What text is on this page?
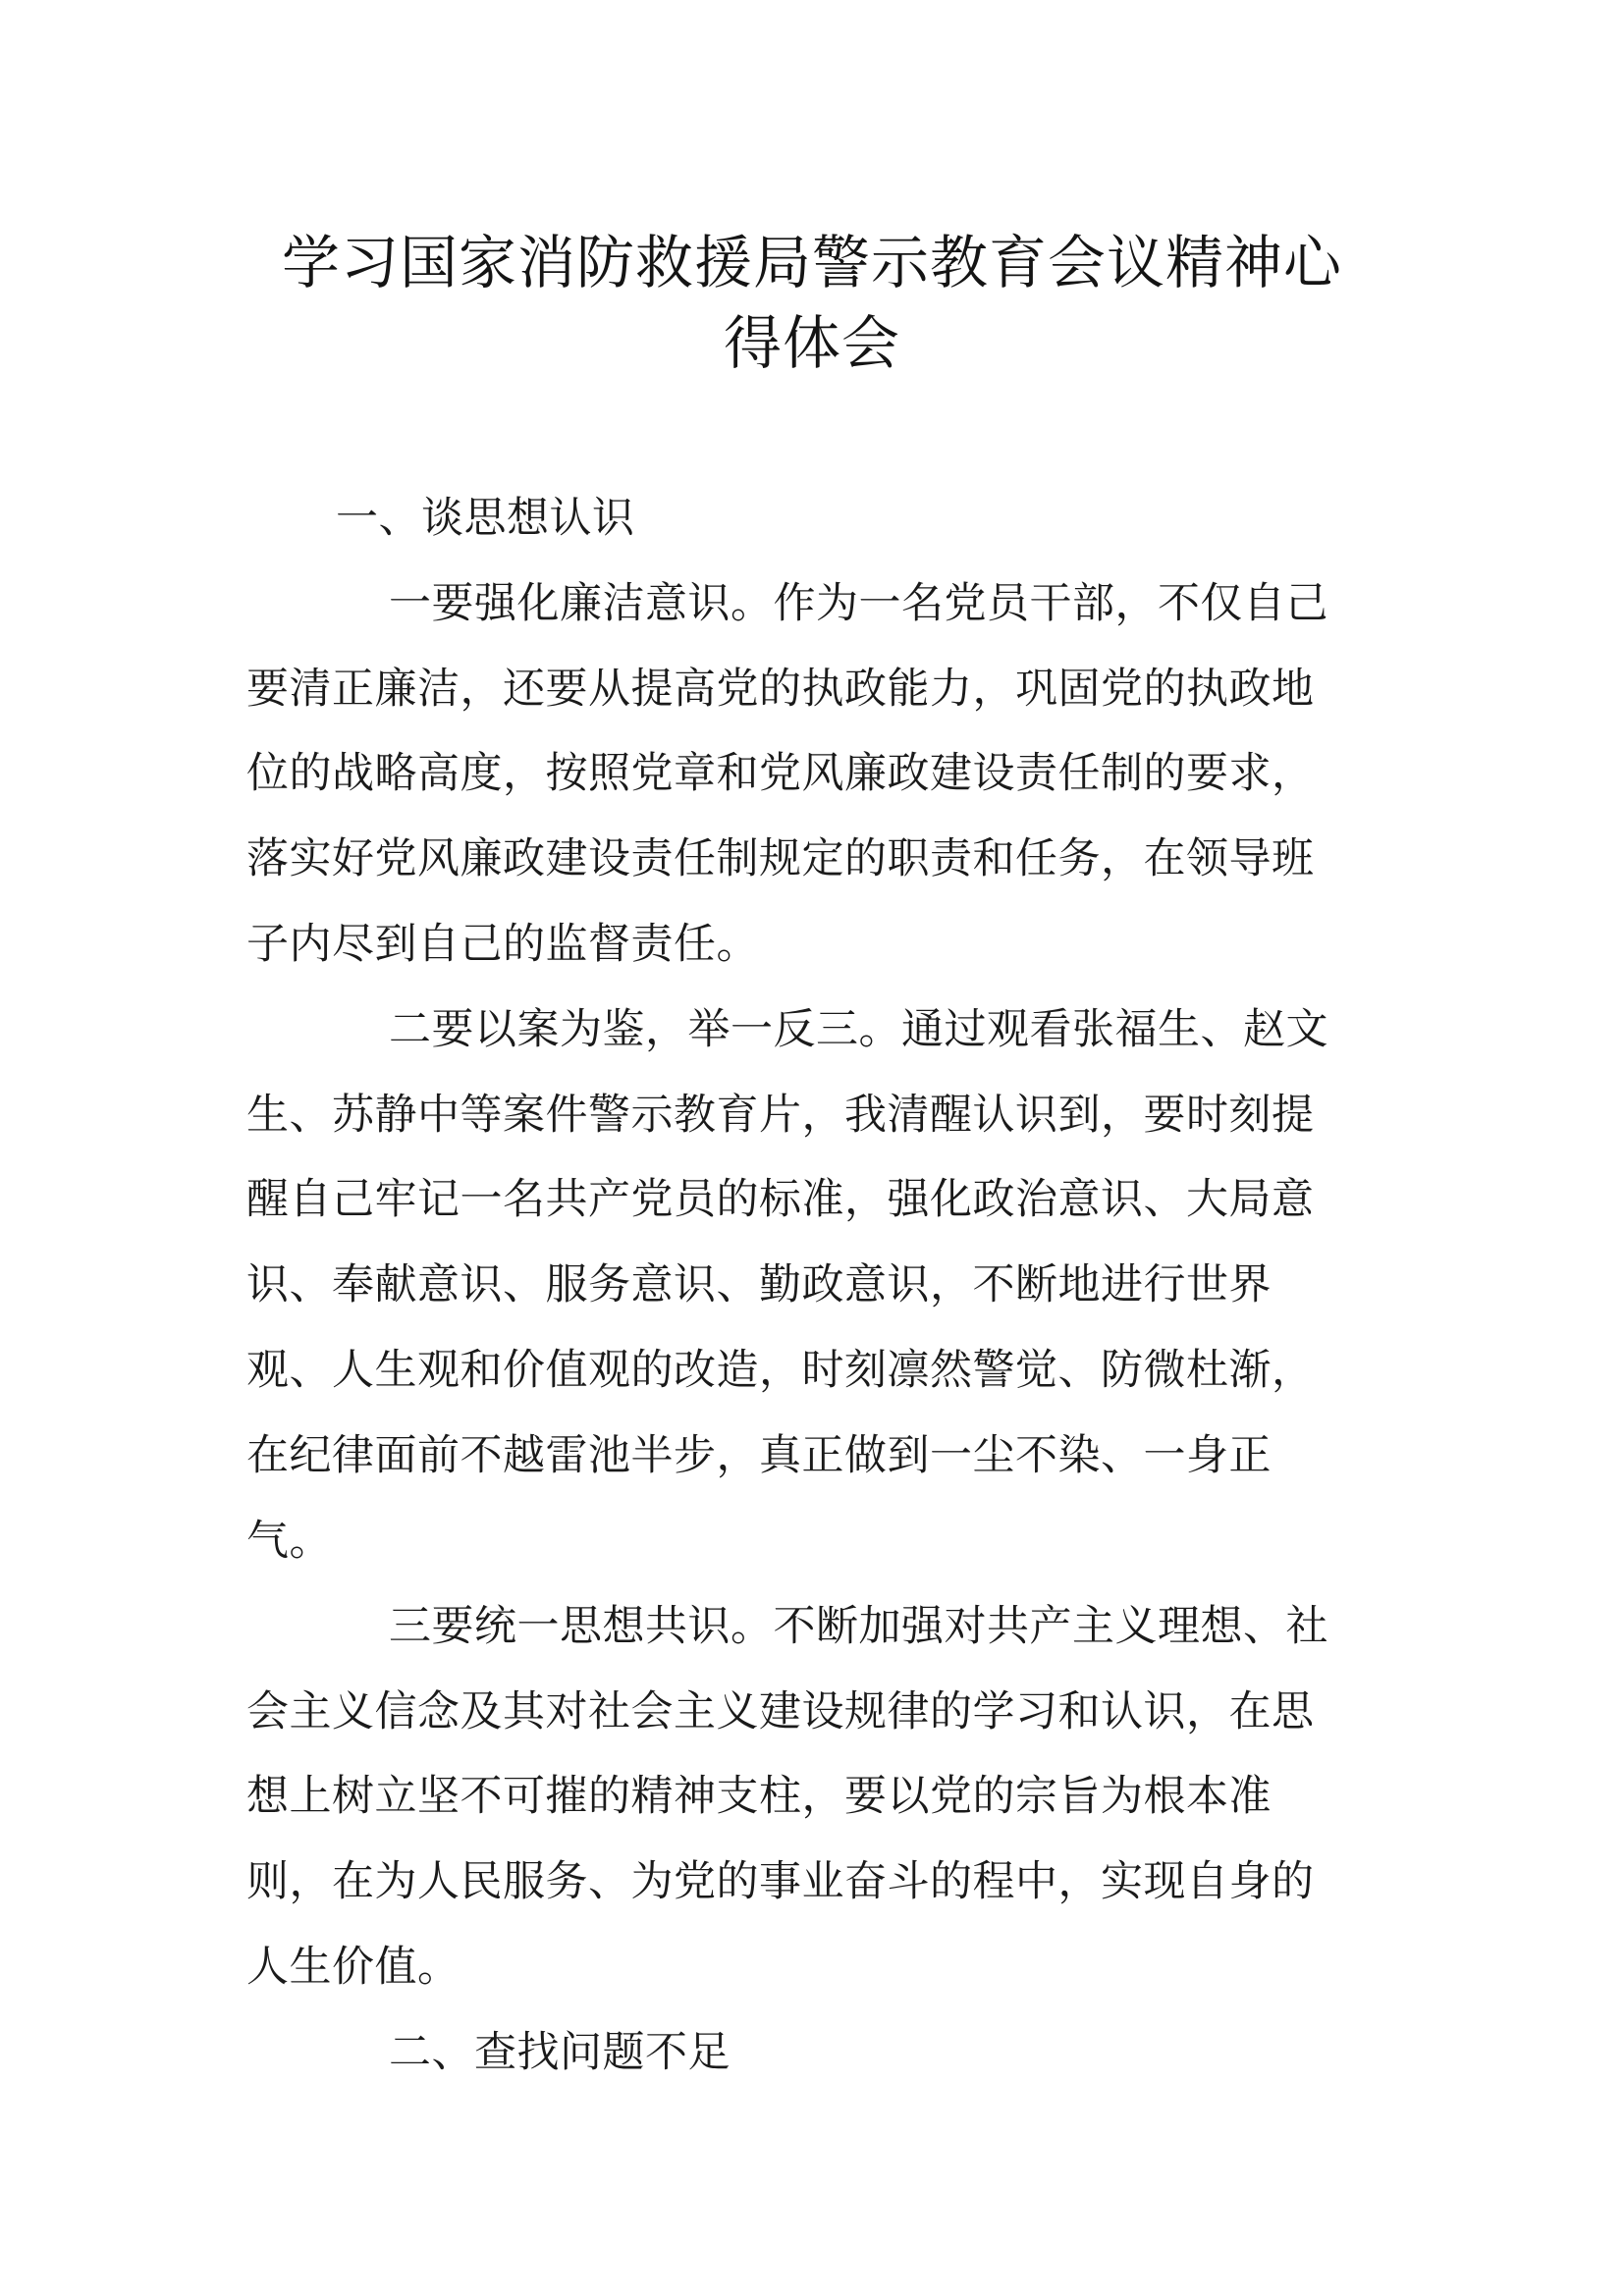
学习国家消防救援局警示教育会议精神心
得体会
一、谈思想认识
一要强化廉洁意识。作为一名党员干部，不仅自己
要清正廉洁，还要从提高党的执政能力，巩固党的执政地
位的战略高度，按照党章和党风廉政建设责任制的要求，
落实好党风廉政建设责任制规定的职责和任务，在领导班
子内尽到自己的监督责任。
二要以案为鉴，举一反三。通过观看张福生、赵文
生、苏静中等案件警示教育片，我清醒认识到，要时刻提
醒自己牢记一名共产党员的标准，强化政治意识、大局意
识、奉献意识、服务意识、勤政意识，不断地进行世界
观、人生观和价值观的改造，时刻凛然警觉、防微杜渐，
在纪律面前不越雷池半步，真正做到一尘不染、一身正
气。
三要统一思想共识。不断加强对共产主义理想、社
会主义信念及其对社会主义建设规律的学习和认识，在思
想上树立坚不可摧的精神支柱，要以党的宗旨为根本准
则，在为人民服务、为党的事业奋斗的程中，实现自身的
人生价值。
二、查找问题不足
